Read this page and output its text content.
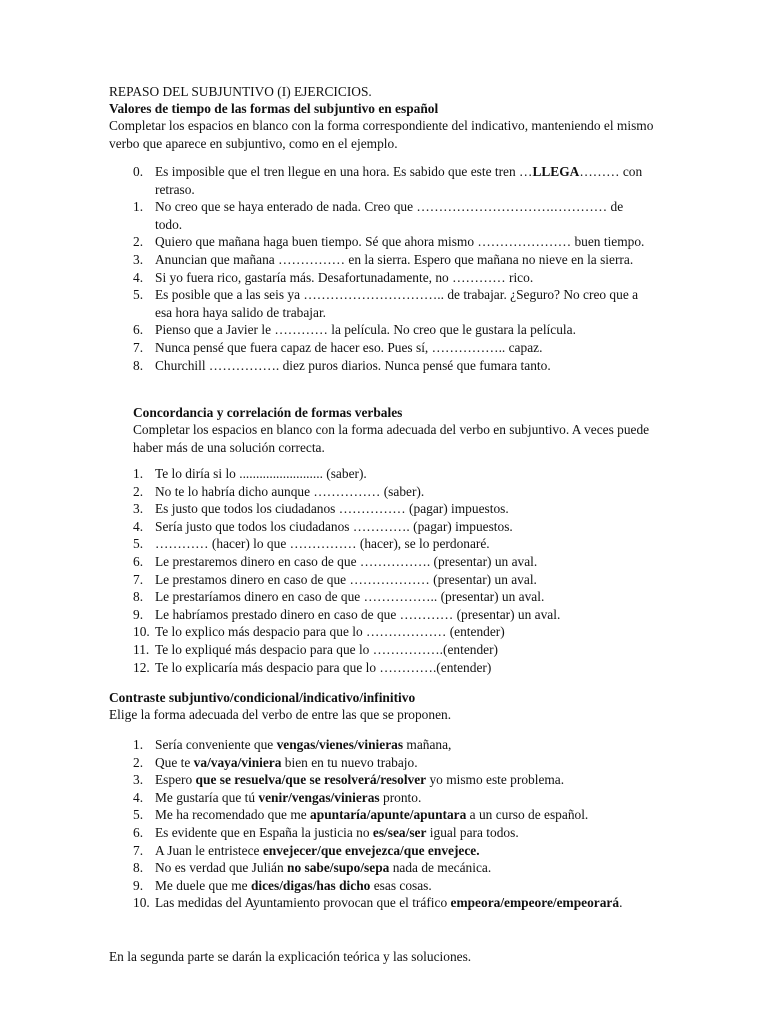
REPASO DEL SUBJUNTIVO (I) EJERCICIOS.
Valores de tiempo de las formas del subjuntivo en español
Completar los espacios en blanco con la forma correspondiente del indicativo, manteniendo el mismo verbo que aparece en subjuntivo, como en el ejemplo.
0. Es imposible que el tren llegue en una hora. Es sabido que este tren …LLEGA……… con retraso.
1. No creo que se haya enterado de nada. Creo que ………………………….………… de todo.
2. Quiero que mañana haga buen tiempo. Sé que ahora mismo ………………… buen tiempo.
3. Anuncian que mañana …………… en la sierra. Espero que mañana no nieve en la sierra.
4. Si yo fuera rico, gastaría más. Desafortunadamente, no ………… rico.
5. Es posible que a las seis ya ………………………….. de trabajar. ¿Seguro? No creo que a esa hora haya salido de trabajar.
6. Pienso que a Javier le ………… la película. No creo que le gustara la película.
7. Nunca pensé que fuera capaz de hacer eso. Pues sí, …………….. capaz.
8. Churchill ……………. diez puros diarios. Nunca pensé que fumara tanto.
Concordancia y correlación de formas verbales
Completar los espacios en blanco con la forma adecuada del verbo en subjuntivo. A veces puede haber más de una solución correcta.
1. Te lo diría si lo ......................... (saber).
2. No te lo habría dicho aunque …………… (saber).
3. Es justo que todos los ciudadanos …………… (pagar) impuestos.
4. Sería justo que todos los ciudadanos …………. (pagar) impuestos.
5. ………… (hacer) lo que …………… (hacer), se lo perdonaré.
6. Le prestaremos dinero en caso de que ……………. (presentar) un aval.
7. Le prestamos dinero en caso de que ……………… (presentar) un aval.
8. Le prestaríamos dinero en caso de que …………….. (presentar) un aval.
9. Le habríamos prestado dinero en caso de que ………… (presentar) un aval.
10. Te lo explico más despacio para que lo ……………… (entender)
11. Te lo expliqué más despacio para que lo …………….(entender)
12. Te lo explicaría más despacio para que lo ………….(entender)
Contraste subjuntivo/condicional/indicativo/infinitivo
Elige la forma adecuada del verbo de entre las que se proponen.
1. Sería conveniente que vengas/vienes/vinieras mañana,
2. Que te va/vaya/viniera bien en tu nuevo trabajo.
3. Espero que se resuelva/que se resolverá/resolver yo mismo este problema.
4. Me gustaría que tú venir/vengas/vinieras pronto.
5. Me ha recomendado que me apuntaría/apunte/apuntara a un curso de español.
6. Es evidente que en España la justicia no es/sea/ser igual para todos.
7. A Juan le entristece envejecer/que envejezca/que envejece.
8. No es verdad que Julián no sabe/supo/sepa nada de mecánica.
9. Me duele que me dices/digas/has dicho esas cosas.
10. Las medidas del Ayuntamiento provocan que el tráfico empeora/empeore/empeorará.
En la segunda parte se darán la explicación teórica y las soluciones.
